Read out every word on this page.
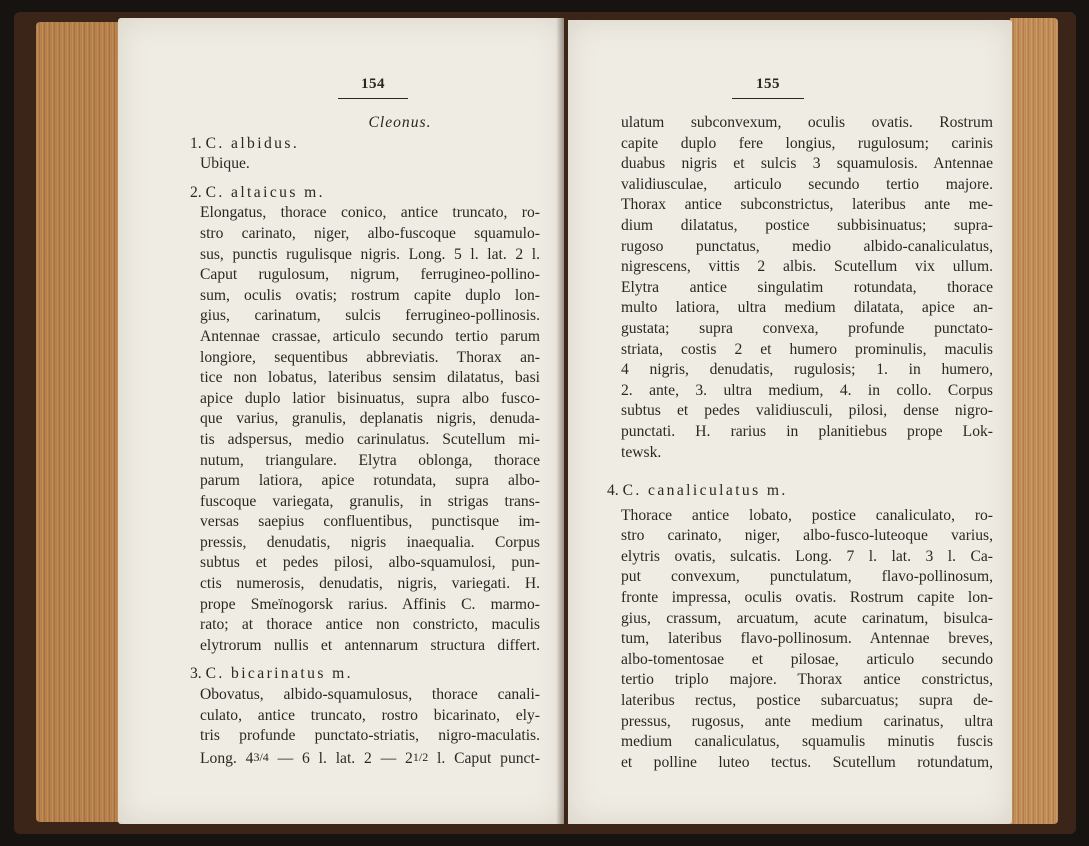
154
Cleonus.
1. C. albidus.
Ubique.
2. C. altaicus m.
Elongatus, thorace conico, antice truncato, ro-
stro carinato, niger, albo-fuscoque squamulo-
sus, punctis rugulisque nigris. Long. 5 l. lat. 2 l.
Caput rugulosum, nigrum, ferrugineo-pollino-
sum, oculis ovatis; rostrum capite duplo lon-
gius, carinatum, sulcis ferrugineo-pollinosis.
Antennae crassae, articulo secundo tertio parum
longiore, sequentibus abbreviatis. Thorax an-
tice non lobatus, lateribus sensim dilatatus, basi
apice duplo latior bisinuatus, supra albo fusco-
que varius, granulis, deplanatis nigris, denuda-
tis adspersus, medio carinulatus. Scutellum mi-
nutum, triangulare. Elytra oblonga, thorace
parum latiora, apice rotundata, supra albo-
fuscoque variegata, granulis, in strigas trans-
versas saepius confluentibus, punctisque im-
pressis, denudatis, nigris inaequalia. Corpus
subtus et pedes pilosi, albo-squamulosi, pun-
ctis numerosis, denudatis, nigris, variegati. H.
prope Smeïnogorsk rarius. Affinis C. marmo-
rato; at thorace antice non constricto, maculis
elytrorum nullis et antennarum structura differt.
3. C. bicarinatus m.
Obovatus, albido-squamulosus, thorace canali-
culato, antice truncato, rostro bicarinato, ely-
tris profunde punctato-striatis, nigro-maculatis.
Long. 43/4 — 6 l. lat. 2 — 21/2 l. Caput punct-
155
ulatum subconvexum, oculis ovatis. Rostrum
capite duplo fere longius, rugulosum; carinis
duabus nigris et sulcis 3 squamulosis. Antennae
validiusculae, articulo secundo tertio majore.
Thorax antice subconstrictus, lateribus ante me-
dium dilatatus, postice subbisinuatus; supra-
rugoso punctatus, medio albido-canaliculatus,
nigrescens, vittis 2 albis. Scutellum vix ullum.
Elytra antice singulatim rotundata, thorace
multo latiora, ultra medium dilatata, apice an-
gustata; supra convexa, profunde punctato-
striata, costis 2 et humero prominulis, maculis
4 nigris, denudatis, rugulosis; 1. in humero,
2. ante, 3. ultra medium, 4. in collo. Corpus
subtus et pedes validiusculi, pilosi, dense nigro-
punctati. H. rarius in planitiebus prope Lok-
tewsk.
4. C. canaliculatus m.
Thorace antice lobato, postice canaliculato, ro-
stro carinato, niger, albo-fusco-luteoque varius,
elytris ovatis, sulcatis. Long. 7 l. lat. 3 l. Ca-
put convexum, punctulatum, flavo-pollinosum,
fronte impressa, oculis ovatis. Rostrum capite lon-
gius, crassum, arcuatum, acute carinatum, bisulca-
tum, lateribus flavo-pollinosum. Antennae breves,
albo-tomentosae et pilosae, articulo secundo
tertio triplo majore. Thorax antice constrictus,
lateribus rectus, postice subarcuatus; supra de-
pressus, rugosus, ante medium carinatus, ultra
medium canaliculatus, squamulis minutis fuscis
et polline luteo tectus. Scutellum rotundatum,
